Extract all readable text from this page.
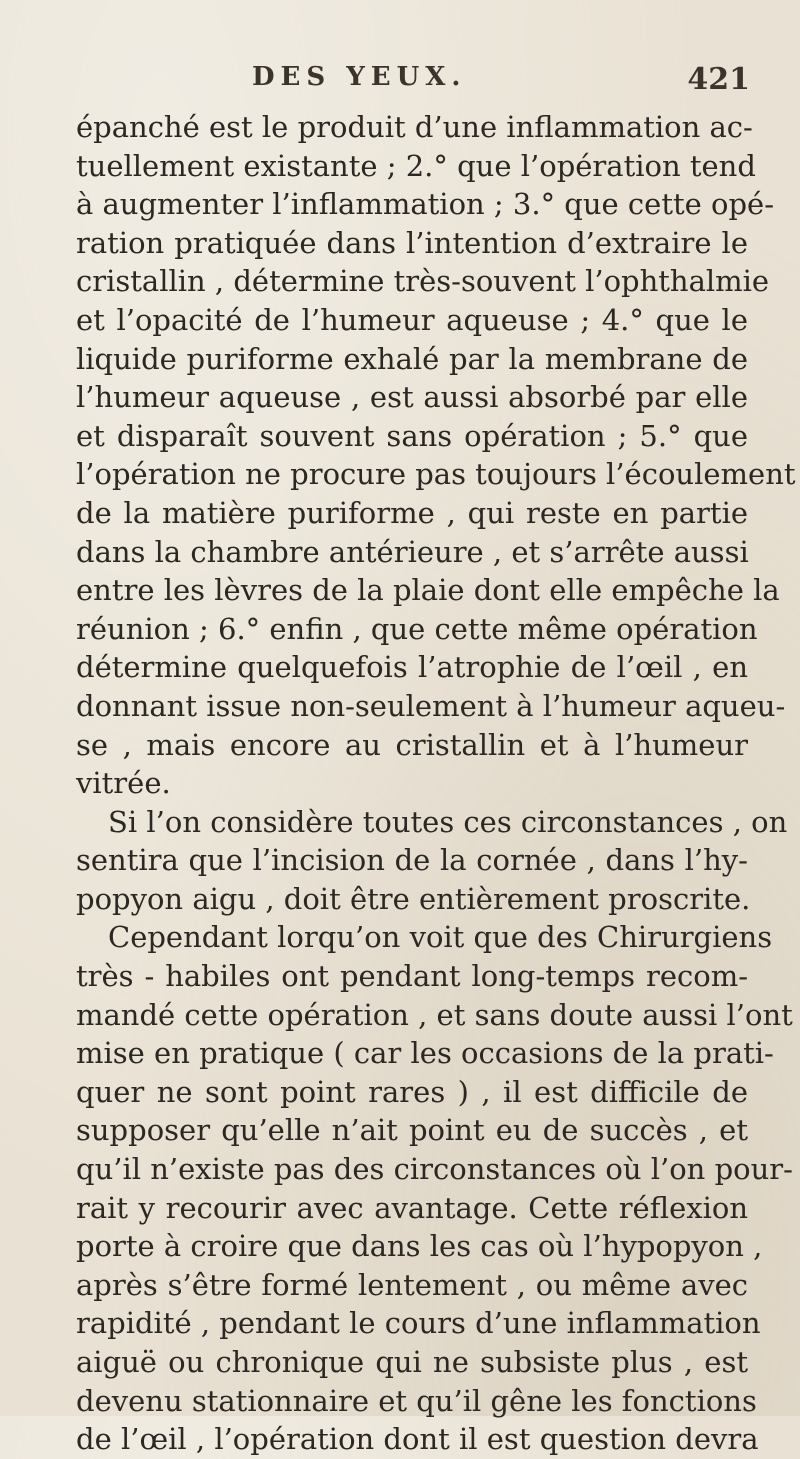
DES YEUX.	421
épanché est le produit d’une inflammation ac-
tuellement existante ; 2.° que l’opération tend
à augmenter l’inflammation ; 3.° que cette opé-
ration pratiquée dans l’intention d’extraire le
cristallin , détermine très-souvent l’ophthalmie
et l’opacité de l’humeur aqueuse ; 4.° que le
liquide puriforme exhalé par la membrane de
l’humeur aqueuse , est aussi absorbé par elle
et disparaît souvent sans opération ; 5.° que
l’opération ne procure pas toujours l’écoulement
de la matière puriforme , qui reste en partie
dans la chambre antérieure , et s’arrête aussi
entre les lèvres de la plaie dont elle empêche la
réunion ; 6.° enfin , que cette même opération
détermine quelquefois l’atrophie de l’œil , en
donnant issue non-seulement à l’humeur aqueu-
se , mais encore au cristallin et à l’humeur
vitrée.
Si l’on considère toutes ces circonstances , on
sentira que l’incision de la cornée , dans l’hy-
popyon aigu , doit être entièrement proscrite.
Cependant lorqu’on voit que des Chirurgiens
très - habiles ont pendant long-temps recom-
mandé cette opération , et sans doute aussi l’ont
mise en pratique ( car les occasions de la prati-
quer ne sont point rares ) , il est difficile de
supposer qu’elle n’ait point eu de succès , et
qu’il n’existe pas des circonstances où l’on pour-
rait y recourir avec avantage. Cette réflexion
porte à croire que dans les cas où l’hypopyon ,
après s’être formé lentement , ou même avec
rapidité , pendant le cours d’une inflammation
aiguë ou chronique qui ne subsiste plus , est
devenu stationnaire et qu’il gêne les fonctions
de l’œil , l’opération dont il est question devra
